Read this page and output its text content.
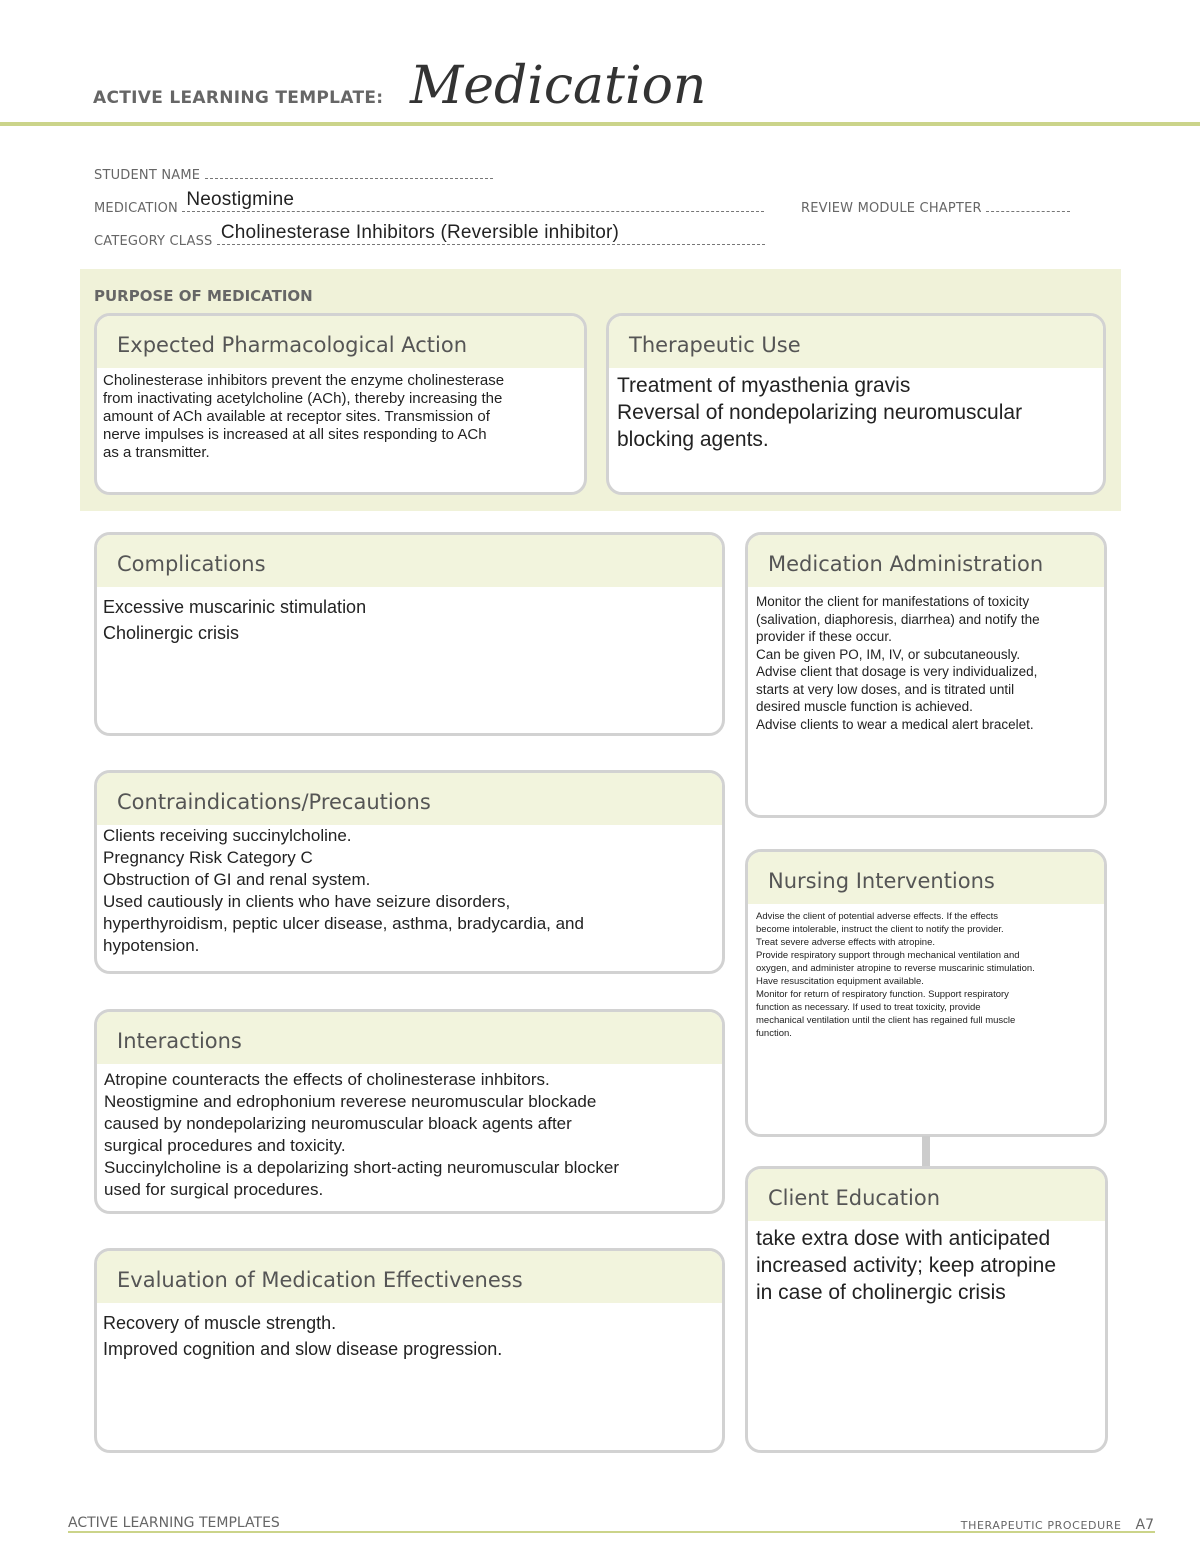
ACTIVE LEARNING TEMPLATE: Medication
STUDENT NAME
MEDICATION Neostigmine	REVIEW MODULE CHAPTER
CATEGORY CLASS Cholinesterase Inhibitors (Reversible inhibitor)
PURPOSE OF MEDICATION
Expected Pharmacological Action
Cholinesterase inhibitors prevent the enzyme cholinesterase
from inactivating acetylcholine (ACh), thereby increasing the
amount of ACh available at receptor sites. Transmission of
nerve impulses is increased at all sites responding to ACh
as a transmitter.
Therapeutic Use
Treatment of myasthenia gravis
Reversal of nondepolarizing neuromuscular
blocking agents.
Complications
Excessive muscarinic stimulation
Cholinergic crisis
Medication Administration
Monitor the client for manifestations of toxicity
(salivation, diaphoresis, diarrhea) and notify the
provider if these occur.
Can be given PO, IM, IV, or subcutaneously.
Advise client that dosage is very individualized,
starts at very low doses, and is titrated until
desired muscle function is achieved.
Advise clients to wear a medical alert bracelet.
Contraindications/Precautions
Clients receiving succinylcholine.
Pregnancy Risk Category C
Obstruction of GI and renal system.
Used cautiously in clients who have seizure disorders,
hyperthyroidism, peptic ulcer disease, asthma, bradycardia, and
hypotension.
Nursing Interventions
Advise the client of potential adverse effects. If the effects
become intolerable, instruct the client to notify the provider.
Treat severe adverse effects with atropine.
Provide respiratory support through mechanical ventilation and
oxygen, and administer atropine to reverse muscarinic stimulation.
Have resuscitation equipment available.
Monitor for return of respiratory function. Support respiratory
function as necessary. If used to treat toxicity, provide
mechanical ventilation until the client has regained full muscle
function.
Interactions
Atropine counteracts the effects of cholinesterase inhbitors.
Neostigmine and edrophonium reverese neuromuscular blockade
caused by nondepolarizing neuromuscular bloack agents after
surgical procedures and toxicity.
Succinylcholine is a depolarizing short-acting neuromuscular blocker
used for surgical procedures.	Client Education
take extra dose with anticipated
increased activity; keep atropine
in case of cholinergic crisis
Evaluation of Medication Effectiveness
Recovery of muscle strength.
Improved cognition and slow disease progression.
ACTIVE LEARNING TEMPLATES	THERAPEUTIC PROCEDURE A7
